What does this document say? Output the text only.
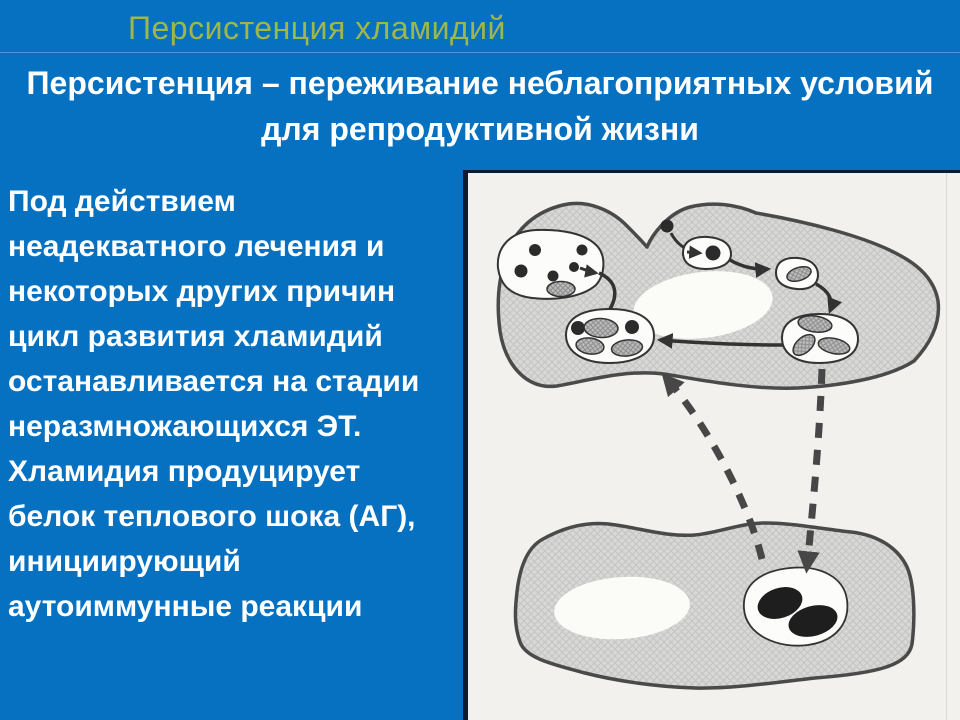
Персистенция хламидий
Персистенция – переживание неблагоприятных условий
для репродуктивной жизни
Под действием
неадекватного лечения и
некоторых других причин
цикл развития хламидий
останавливается на стадии
неразмножающихся ЭТ.
Хламидия продуцирует
белок теплового шока (АГ),
инициирующий
аутоиммунные реакции
